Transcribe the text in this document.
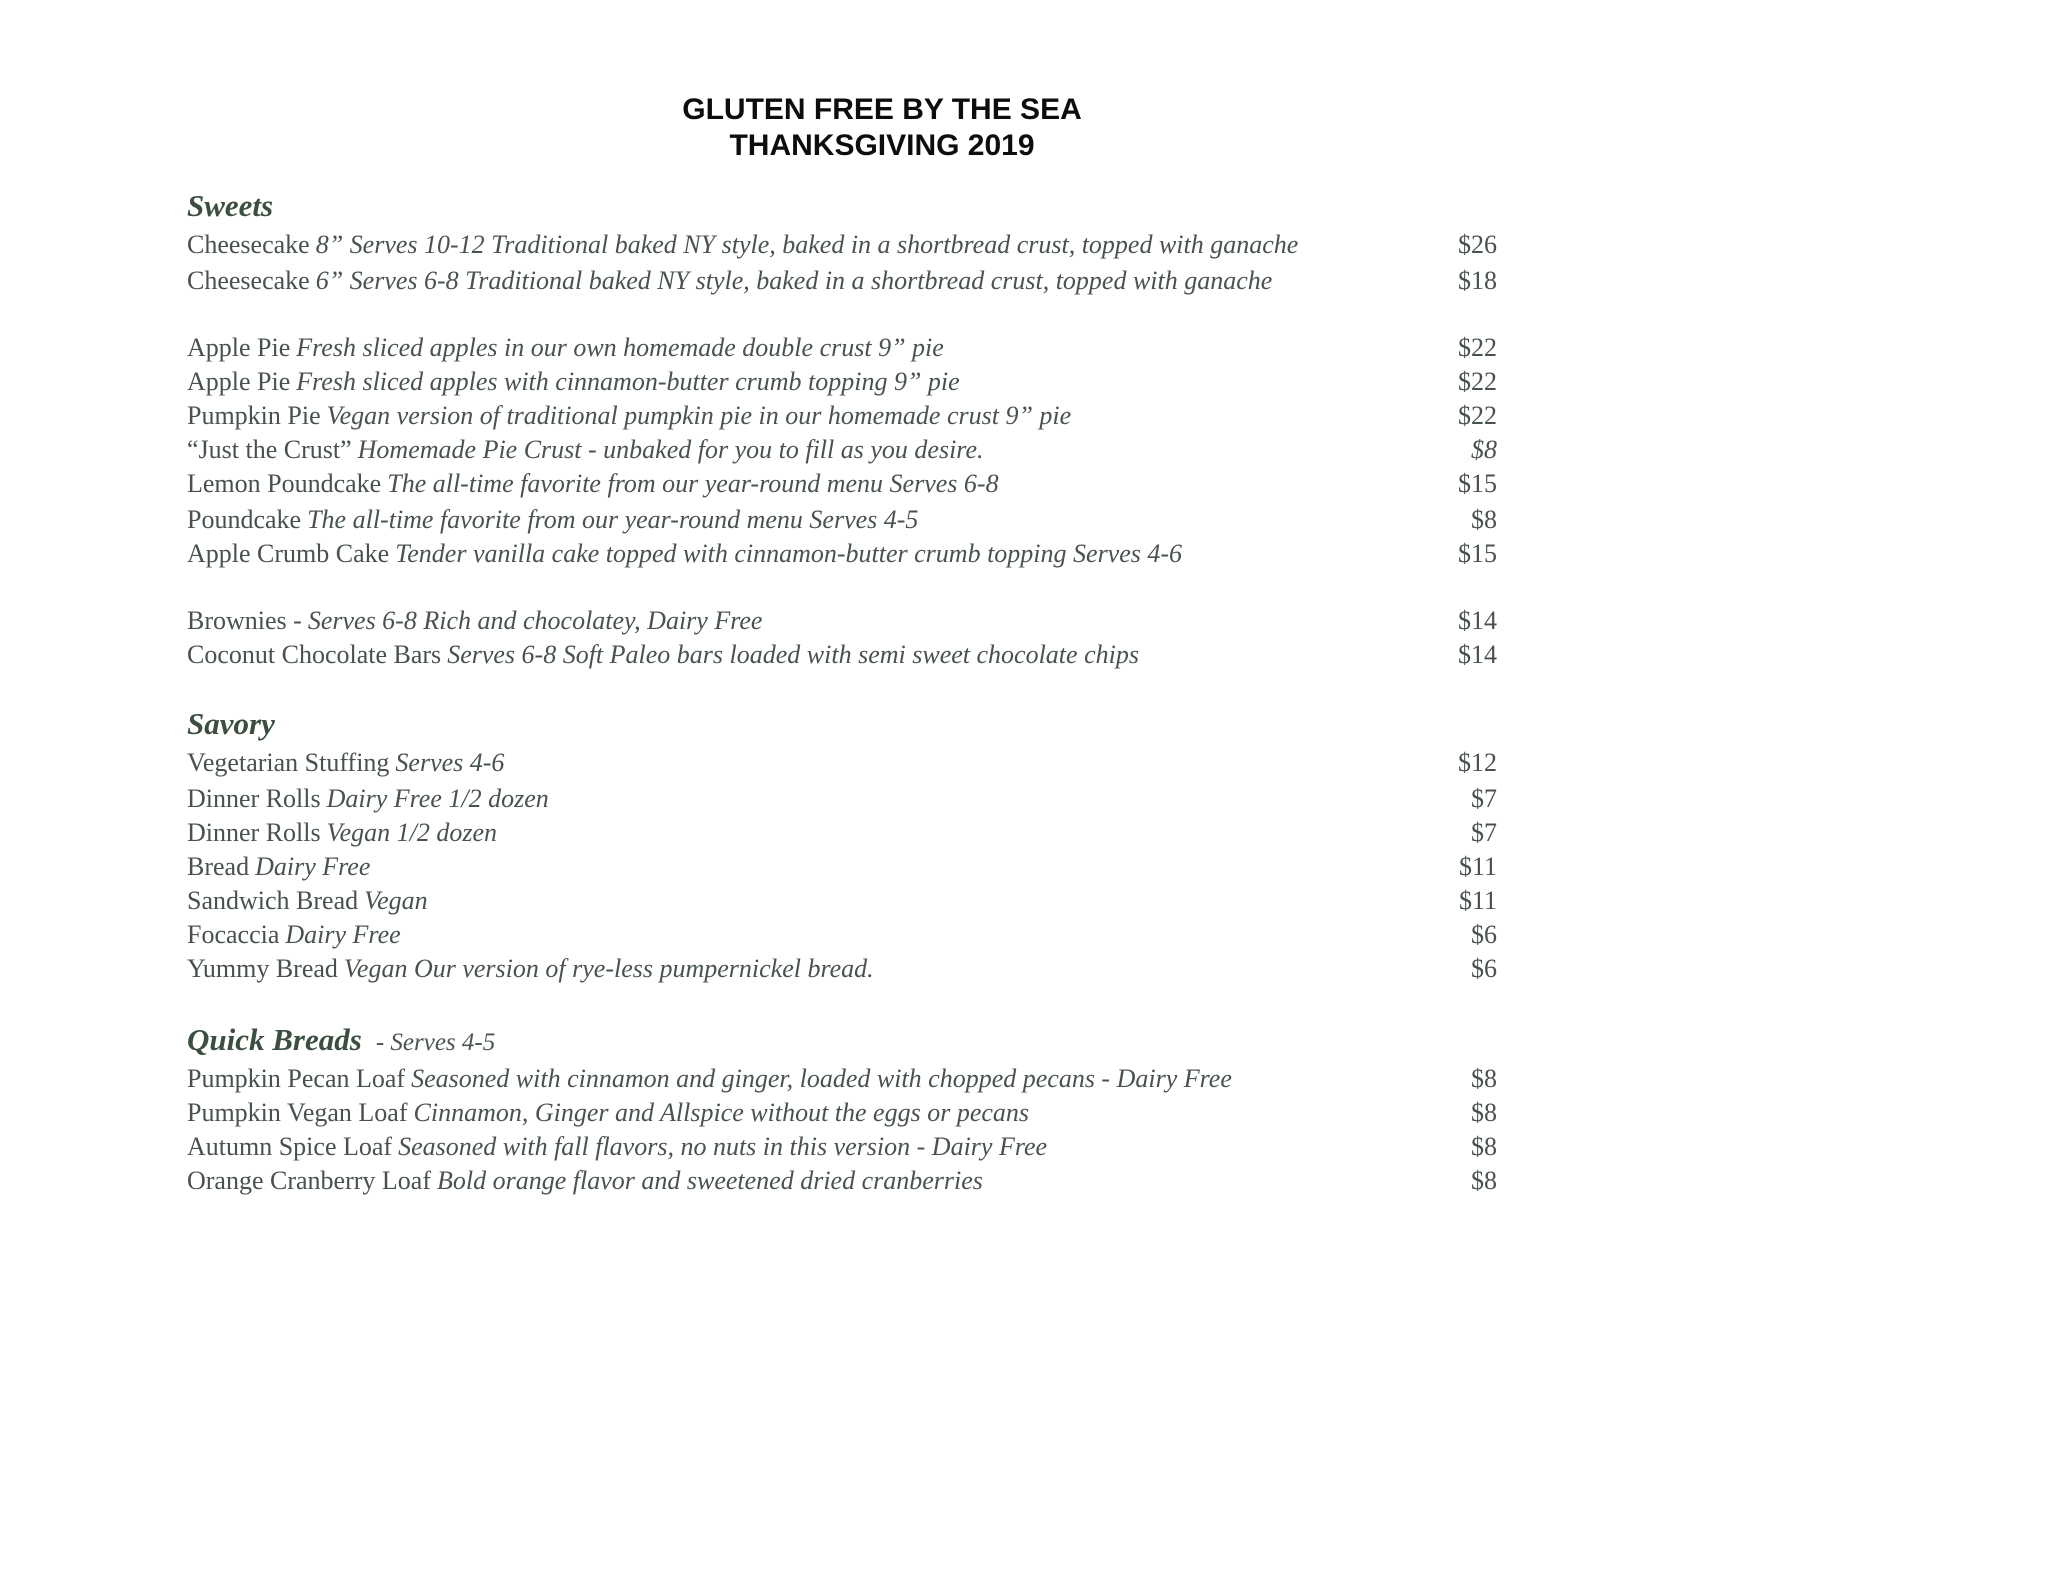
GLUTEN FREE BY THE SEA
THANKSGIVING 2019
Sweets
Cheesecake 8” Serves 10-12 Traditional baked NY style, baked in a shortbread crust, topped with ganache	$26
Cheesecake 6” Serves 6-8 Traditional baked NY style, baked in a shortbread crust, topped with ganache	$18
Apple Pie Fresh sliced apples in our own homemade double crust 9” pie	$22
Apple Pie Fresh sliced apples with cinnamon-butter crumb topping 9” pie	$22
Pumpkin Pie Vegan version of traditional pumpkin pie in our homemade crust 9” pie	$22
“Just the Crust” Homemade Pie Crust - unbaked for you to fill as you desire.	$8
Lemon Poundcake The all-time favorite from our year-round menu Serves 6-8	$15
Poundcake The all-time favorite from our year-round menu Serves 4-5	$8
Apple Crumb Cake Tender vanilla cake topped with cinnamon-butter crumb topping Serves 4-6	$15
Brownies - Serves 6-8 Rich and chocolatey, Dairy Free	$14
Coconut Chocolate Bars Serves 6-8 Soft Paleo bars loaded with semi sweet chocolate chips	$14
Savory
Vegetarian Stuffing Serves 4-6	$12
Dinner Rolls Dairy Free 1/2 dozen	$7
Dinner Rolls Vegan 1/2 dozen	$7
Bread Dairy Free	$11
Sandwich Bread Vegan	$11
Focaccia Dairy Free	$6
Yummy Bread Vegan Our version of rye-less pumpernickel bread.	$6
Quick Breads - Serves 4-5
Pumpkin Pecan Loaf Seasoned with cinnamon and ginger, loaded with chopped pecans - Dairy Free	$8
Pumpkin Vegan Loaf Cinnamon, Ginger and Allspice without the eggs or pecans	$8
Autumn Spice Loaf Seasoned with fall flavors, no nuts in this version - Dairy Free	$8
Orange Cranberry Loaf Bold orange flavor and sweetened dried cranberries	$8
